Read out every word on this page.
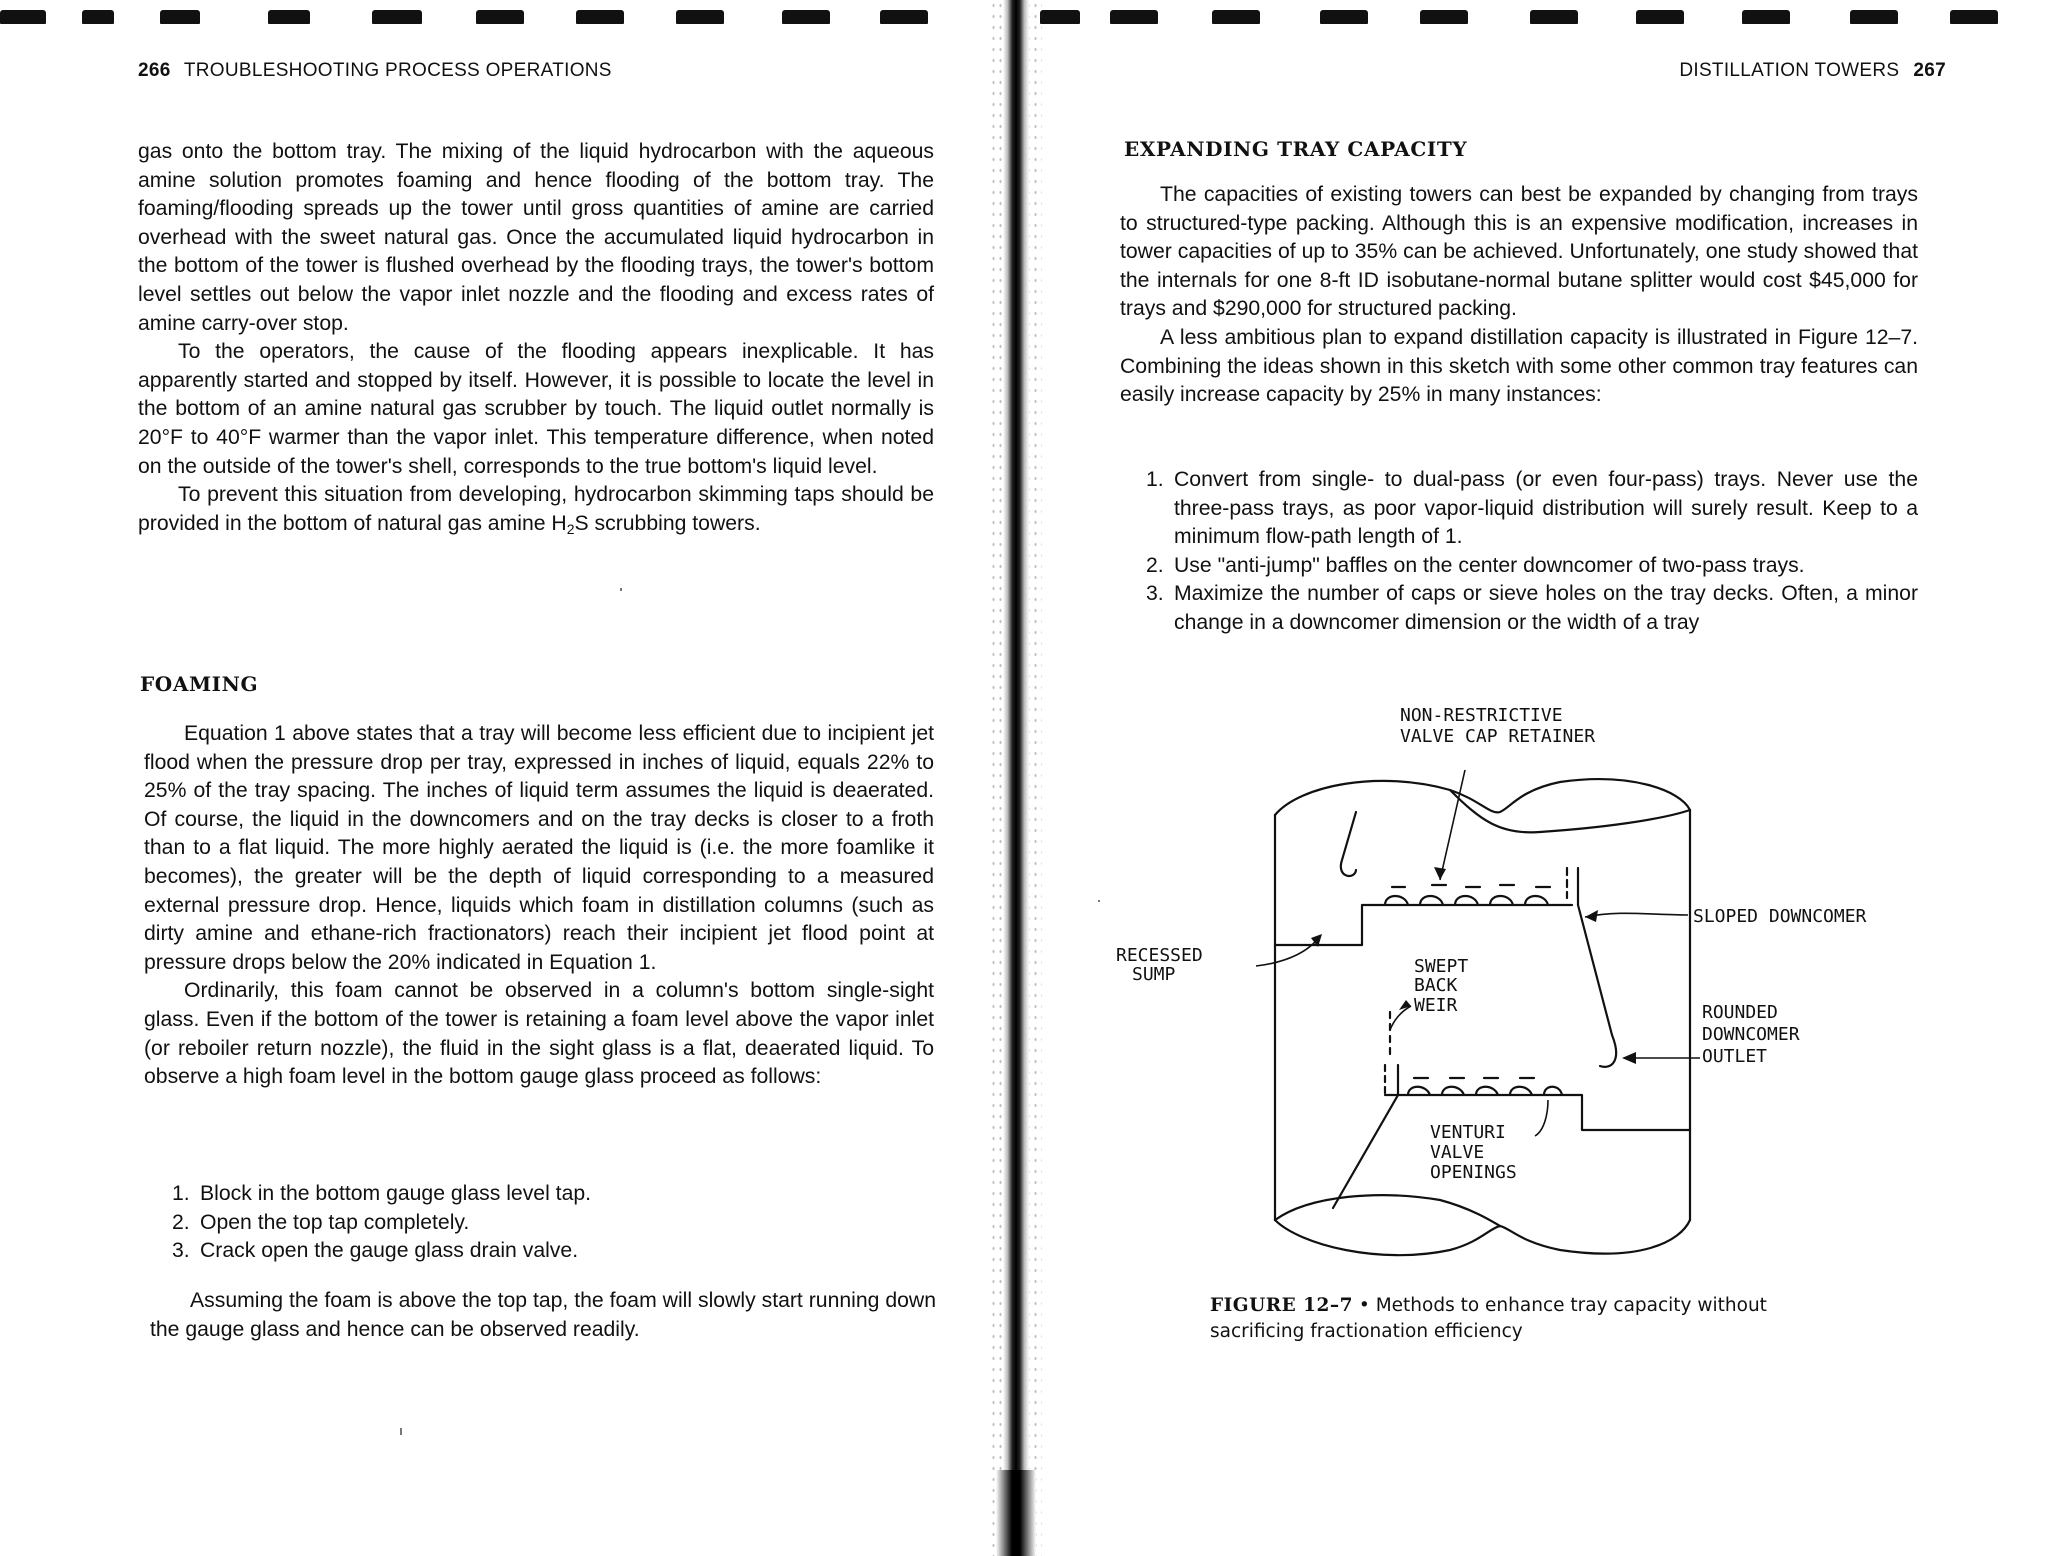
266 TROUBLESHOOTING PROCESS OPERATIONS

gas onto the bottom tray. The mixing of the liquid hydrocarbon with the aqueous amine solution promotes foaming and hence flooding of the bottom tray. The foaming/flooding spreads up the tower until gross quantities of amine are carried overhead with the sweet natural gas. Once the accumulated liquid hydrocarbon in the bottom of the tower is flushed overhead by the flooding trays, the tower's bottom level settles out below the vapor inlet nozzle and the flooding and excess rates of amine carry-over stop.

To the operators, the cause of the flooding appears inexplicable. It has apparently started and stopped by itself. However, it is possible to locate the level in the bottom of an amine natural gas scrubber by touch. The liquid outlet normally is 20°F to 40°F warmer than the vapor inlet. This temperature difference, when noted on the outside of the tower's shell, corresponds to the true bottom's liquid level.

To prevent this situation from developing, hydrocarbon skimming taps should be provided in the bottom of natural gas amine $H_2S$ scrubbing towers.

FOAMING

Equation 1 above states that a tray will become less efficient due to incipient jet flood when the pressure drop per tray, expressed in inches of liquid, equals 22% to 25% of the tray spacing. The inches of liquid term assumes the liquid is deaerated. Of course, the liquid in the downcomers and on the tray decks is closer to a froth than to a flat liquid. The more highly aerated the liquid is (i.e. the more foamlike it becomes), the greater will be the depth of liquid corresponding to a measured external pressure drop. Hence, liquids which foam in distillation columns (such as dirty amine and ethane-rich fractionators) reach their incipient jet flood point at pressure drops below the 20% indicated in Equation 1.

Ordinarily, this foam cannot be observed in a column's bottom single-sight glass. Even if the bottom of the tower is retaining a foam level above the vapor inlet (or reboiler return nozzle), the fluid in the sight glass is a flat, deaerated liquid. To observe a high foam level in the bottom gauge glass proceed as follows:

1. Block in the bottom gauge glass level tap.
2. Open the top tap completely.
3. Crack open the gauge glass drain valve.

Assuming the foam is above the top tap, the foam will slowly start running down the gauge glass and hence can be observed readily.

DISTILLATION TOWERS 267
EXPANDING TRAY CAPACITY

The capacities of existing towers can best be expanded by changing from trays to structured-type packing. Although this is an expensive modification, increases in tower capacities of up to 35% can be achieved. Unfortunately, one study showed that the internals for one 8-ft ID isobutane-normal butane splitter would cost $45,000 for trays and $290,000 for structured packing.

A less ambitious plan to expand distillation capacity is illustrated in Figure 12–7. Combining the ideas shown in this sketch with some other common tray features can easily increase capacity by 25% in many instances:

1. Convert from single- to dual-pass (or even four-pass) trays. Never use the three-pass trays, as poor vapor-liquid distribution will surely result. Keep to a minimum flow-path length of 1.
2. Use "anti-jump" baffles on the center downcomer of two-pass trays.
3. Maximize the number of caps or sieve holes on the tray decks. Often, a minor change in a downcomer dimension or the width of a tray
NON-RESTRICTIVE
VALVE CAP RETAINER
SLOPED DOWNCOMER
RECESSED
SUMP	SWEPT
BACK
WEIR	ROUNDED
DOWNCOMER
OUTLET
VENTURI
VALVE
OPENINGS
FIGURE 12–7 • Methods to enhance tray capacity without sacrificing fractionation efficiency
